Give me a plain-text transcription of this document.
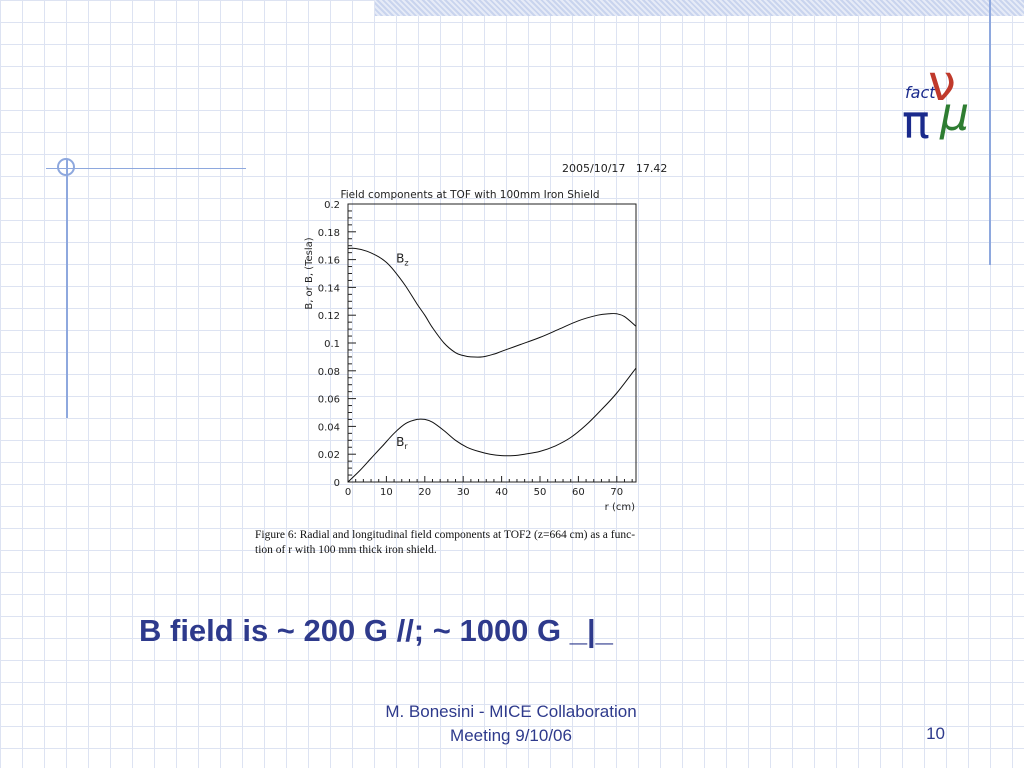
fact
ν
π μ
2005/10/17   17.42
Field components at TOF with 100mm Iron Shield
0	10	20	30	40	50	60	70
0
0.02
0.04
0.06
0.08
0.1
0.12
0.14
0.16
0.18
0.2
$B_z$
$B_r$
r (cm)
B, or B, (Tesla)
Figure 6: Radial and longitudinal field components at TOF2 (z=664 cm) as a func-
tion of r with 100 mm thick iron shield.
B field is ~ 200 G //; ~ 1000 G _|_
M. Bonesini - MICE Collaboration
Meeting 9/10/06	10
